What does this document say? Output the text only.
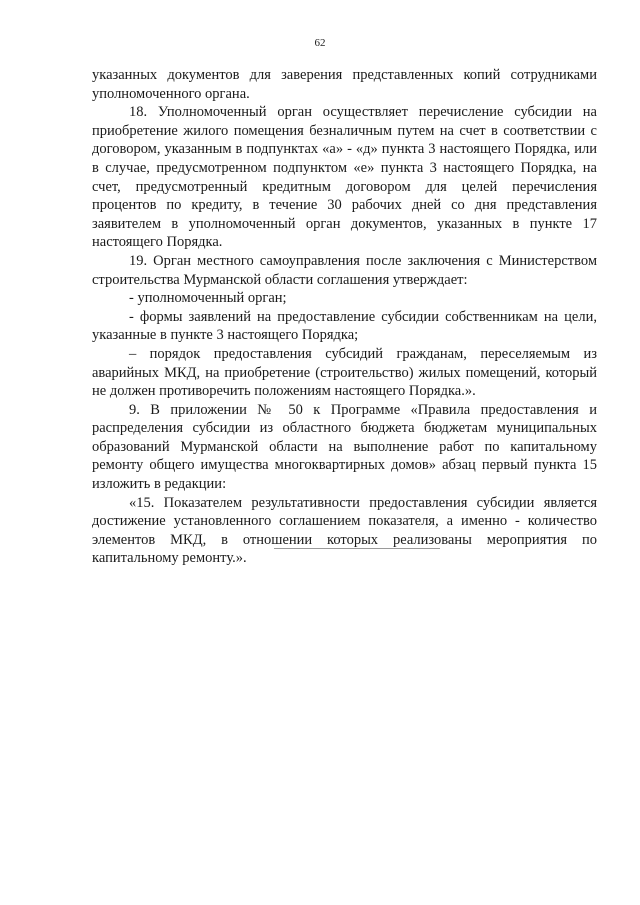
62

указанных документов для заверения представленных копий сотрудниками уполномоченного органа.

18. Уполномоченный орган осуществляет перечисление субсидии на приобретение жилого помещения безналичным путем на счет в соответствии с договором, указанным в подпунктах «а» - «д» пункта 3 настоящего Порядка, или в случае, предусмотренном подпунктом «е» пункта 3 настоящего Порядка, на счет, предусмотренный кредитным договором для целей перечисления процентов по кредиту, в течение 30 рабочих дней со дня представления заявителем в уполномоченный орган документов, указанных в пункте 17 настоящего Порядка.

19. Орган местного самоуправления после заключения с Министерством строительства Мурманской области соглашения утверждает:

- уполномоченный орган;

- формы заявлений на предоставление субсидии собственникам на цели, указанные в пункте 3 настоящего Порядка;

– порядок предоставления субсидий гражданам, переселяемым из аварийных МКД, на приобретение (строительство) жилых помещений, который не должен противоречить положениям настоящего Порядка.».

9. В приложении № 50 к Программе «Правила предоставления и распределения субсидии из областного бюджета бюджетам муниципальных образований Мурманской области на выполнение работ по капитальному ремонту общего имущества многоквартирных домов» абзац первый пункта 15 изложить в редакции:

«15. Показателем результативности предоставления субсидии является достижение установленного соглашением показателя, а именно - количество элементов МКД, в отношении которых реализованы мероприятия по капитальному ремонту.».
